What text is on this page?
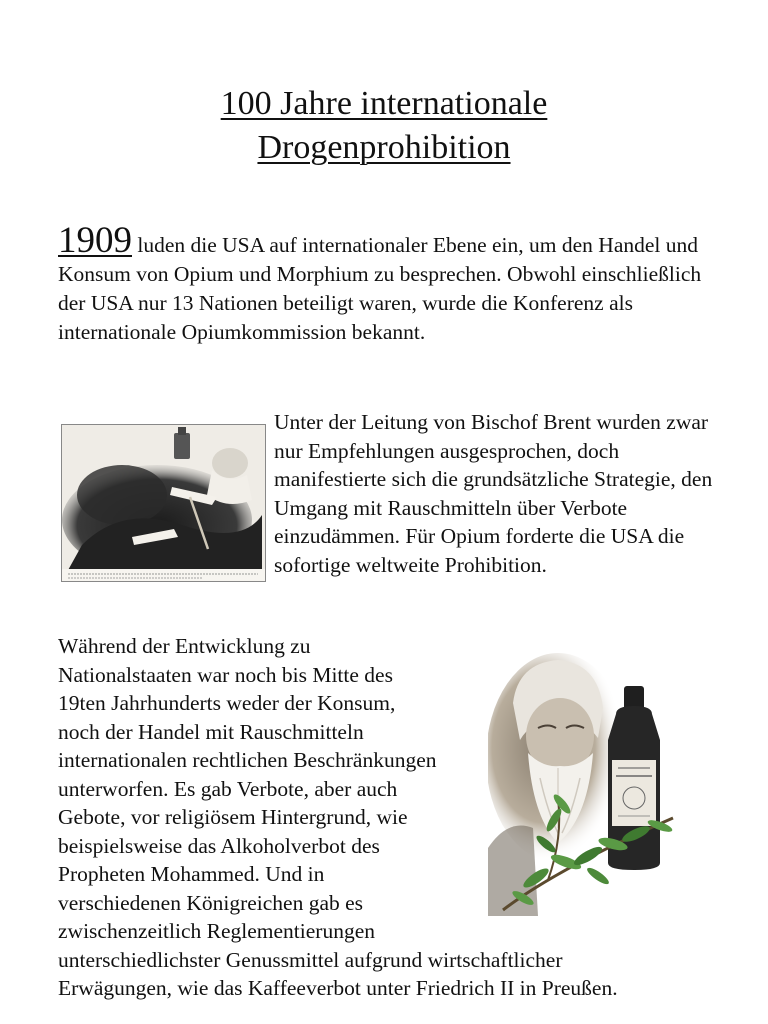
100 Jahre internationale
Drogenprohibition

1909 luden die USA auf internationaler Ebene ein, um den Handel und Konsum von Opium und Morphium zu besprechen. Obwohl einschließlich der USA nur 13 Nationen beteiligt waren, wurde die Konferenz als internationale Opiumkommission bekannt.

Unter der Leitung von Bischof Brent wurden zwar nur Empfehlungen ausgesprochen, doch manifestierte sich die grundsätzliche Strategie, den Umgang mit Rauschmitteln über Verbote einzudämmen. Für Opium forderte die USA die sofortige weltweite Prohibition.

Während der Entwicklung zu
Nationalstaaten war noch bis Mitte des
19ten Jahrhunderts weder der Konsum,
noch der Handel mit Rauschmitteln
internationalen rechtlichen Beschränkungen
unterworfen. Es gab Verbote, aber auch
Gebote, vor religiösem Hintergrund, wie
beispielsweise das Alkoholverbot des
Propheten Mohammed. Und in
verschiedenen Königreichen gab es
zwischenzeitlich Reglementierungen
unterschiedlichster Genussmittel aufgrund wirtschaftlicher
Erwägungen, wie das Kaffeeverbot unter Friedrich II in Preußen.
